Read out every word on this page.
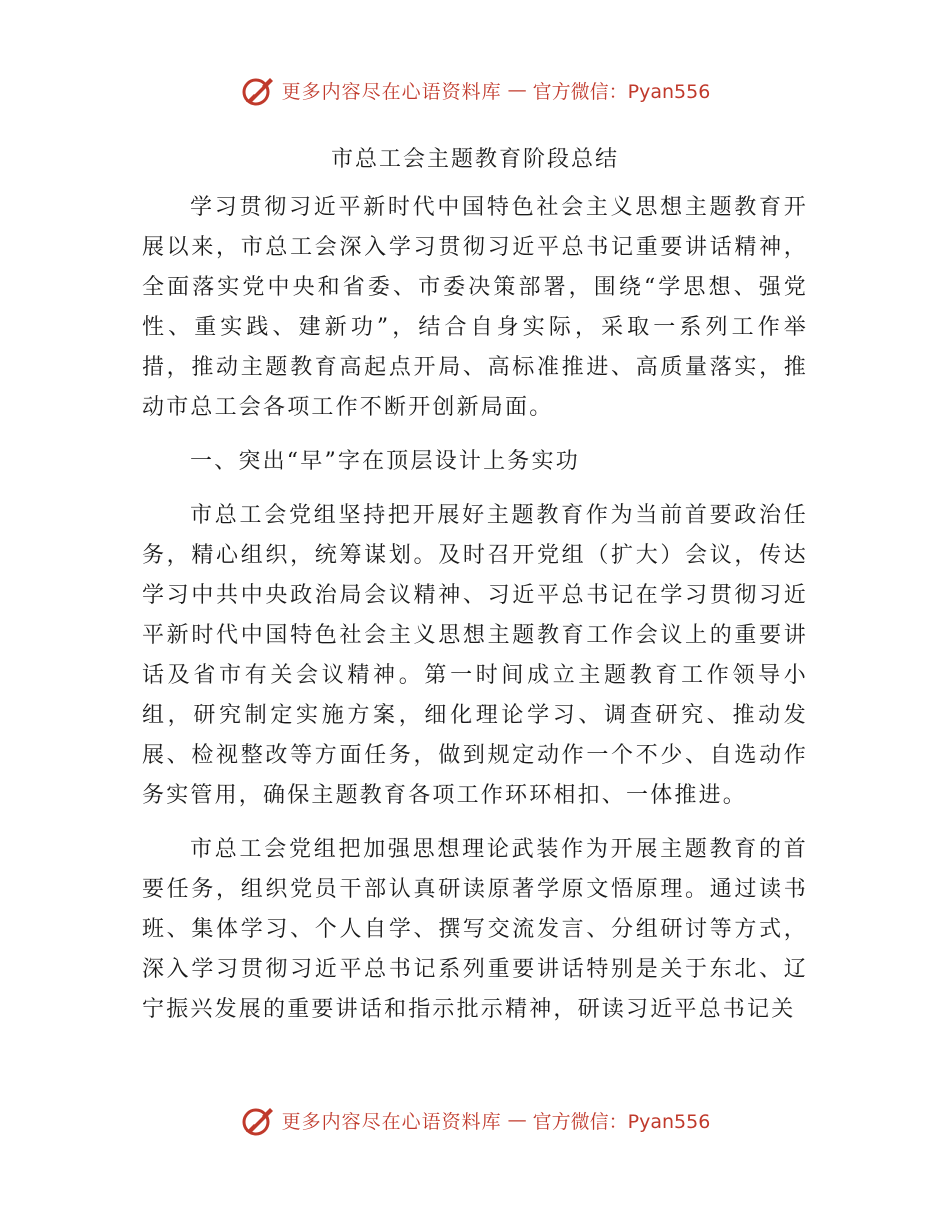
更多内容尽在心语资料库 — 官方微信：Pyan556
市总工会主题教育阶段总结

学习贯彻习近平新时代中国特色社会主义思想主题教育开展以来，市总工会深入学习贯彻习近平总书记重要讲话精神，全面落实党中央和省委、市委决策部署，围绕“学思想、强党性、重实践、建新功”，结合自身实际，采取一系列工作举措，推动主题教育高起点开局、高标准推进、高质量落实，推动市总工会各项工作不断开创新局面。

一、突出“早”字在顶层设计上务实功

市总工会党组坚持把开展好主题教育作为当前首要政治任务，精心组织，统筹谋划。及时召开党组（扩大）会议，传达学习中共中央政治局会议精神、习近平总书记在学习贯彻习近平新时代中国特色社会主义思想主题教育工作会议上的重要讲话及省市有关会议精神。第一时间成立主题教育工作领导小组，研究制定实施方案，细化理论学习、调查研究、推动发展、检视整改等方面任务，做到规定动作一个不少、自选动作务实管用，确保主题教育各项工作环环相扣、一体推进。

市总工会党组把加强思想理论武装作为开展主题教育的首要任务，组织党员干部认真研读原著学原文悟原理。通过读书班、集体学习、个人自学、撰写交流发言、分组研讨等方式，深入学习贯彻习近平总书记系列重要讲话特别是关于东北、辽宁振兴发展的重要讲话和指示批示精神，研读习近平总书记关

更多内容尽在心语资料库 — 官方微信：Pyan556
